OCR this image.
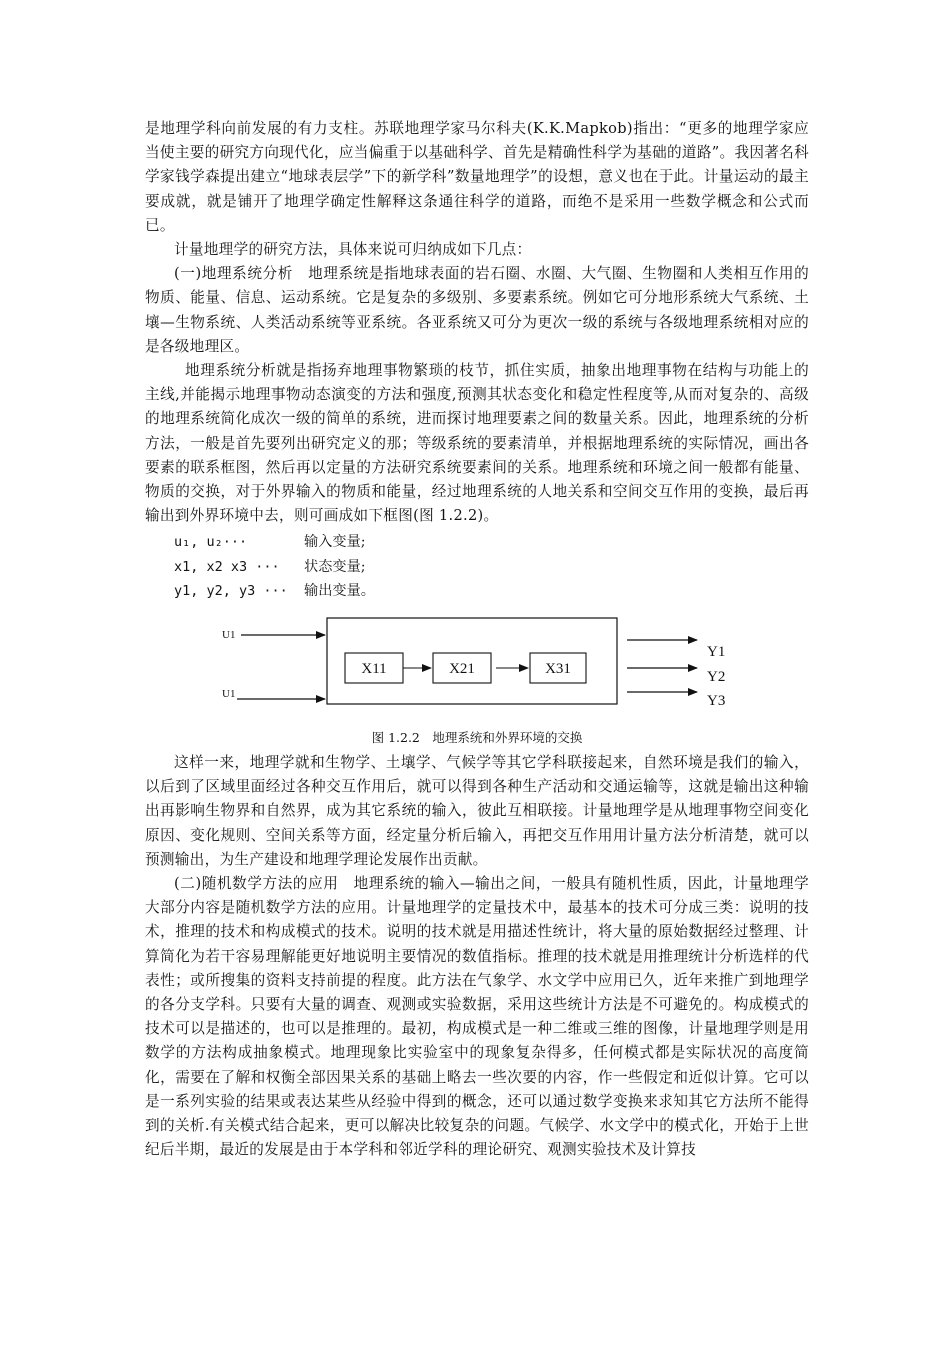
是地理学科向前发展的有力支柱。苏联地理学家马尔科夫(K.K.Mapkob)指出：“更多的地理学家应当使主要的研究方向现代化，应当偏重于以基础科学、首先是精确性科学为基础的道路”。我因著名科学家钱学森提出建立“地球表层学”下的新学科”数量地理学”的设想，意义也在于此。计量运动的最主要成就，就是铺开了地理学确定性解释这条通往科学的道路，而绝不是采用一些数学概念和公式而已。

计量地理学的研究方法，具体来说可归纳成如下几点：

(一)地理系统分析　地理系统是指地球表面的岩石圈、水圈、大气圈、生物圈和人类相互作用的物质、能量、信息、运动系统。它是复杂的多级别、多要素系统。例如它可分地形系统大气系统、土壤—生物系统、人类活动系统等亚系统。各亚系统又可分为更次一级的系统与各级地理系统相对应的是各级地理区。

地理系统分析就是指扬弃地理事物繁琐的枝节，抓住实质，抽象出地理事物在结构与功能上的主线,并能揭示地理事物动态演变的方法和强度,预测其状态变化和稳定性程度等,从而对复杂的、高级的地理系统简化成次一级的简单的系统，进而探讨地理要素之间的数量关系。因此，地理系统的分析方法，一般是首先要列出研究定义的那；等级系统的要素清单，并根据地理系统的实际情况，画出各要素的联系框图，然后再以定量的方法研究系统要素间的关系。地理系统和环境之间一般都有能量、物质的交换，对于外界输入的物质和能量，经过地理系统的人地关系和空间交互作用的变换，最后再输出到外界环境中去，则可画成如下框图(图 1.2.2)。

u₁, u₂···	输入变量;
x1, x2 x3 ···	状态变量;
y1, y2, y3 ···	输出变量。
U1
U1
X11	X21	X31
Y1
Y2
Y3
图 1.2.2　地理系统和外界环境的交换

这样一来，地理学就和生物学、土壤学、气候学等其它学科联接起来，自然环境是我们的输入，以后到了区域里面经过各种交互作用后，就可以得到各种生产活动和交通运输等，这就是输出这种输出再影响生物界和自然界，成为其它系统的输入，彼此互相联接。计量地理学是从地理事物空间变化原因、变化规则、空间关系等方面，经定量分析后输入，再把交互作用用计量方法分析清楚，就可以预测输出，为生产建设和地理学理论发展作出贡献。

(二)随机数学方法的应用　地理系统的输入—输出之间，一般具有随机性质，因此，计量地理学大部分内容是随机数学方法的应用。计量地理学的定量技术中，最基本的技术可分成三类：说明的技术，推理的技术和构成模式的技术。说明的技术就是用描述性统计，将大量的原始数据经过整理、计算简化为若干容易理解能更好地说明主要情况的数值指标。推理的技术就是用推理统计分析选样的代表性；或所搜集的资料支持前提的程度。此方法在气象学、水文学中应用已久，近年来推广到地理学的各分支学科。只要有大量的调查、观测或实验数据，采用这些统计方法是不可避免的。构成模式的技术可以是描述的，也可以是推理的。最初，构成模式是一种二维或三维的图像，计量地理学则是用数学的方法构成抽象模式。地理现象比实验室中的现象复杂得多，任何模式都是实际状况的高度简化，需要在了解和权衡全部因果关系的基础上略去一些次要的内容，作一些假定和近似计算。它可以是一系列实验的结果或表达某些从经验中得到的概念，还可以通过数学变换来求知其它方法所不能得到的关析.有关模式结合起来，更可以解决比较复杂的问题。气候学、水文学中的模式化，开始于上世纪后半期，最近的发展是由于本学科和邻近学科的理论研究、观测实验技术及计算技
